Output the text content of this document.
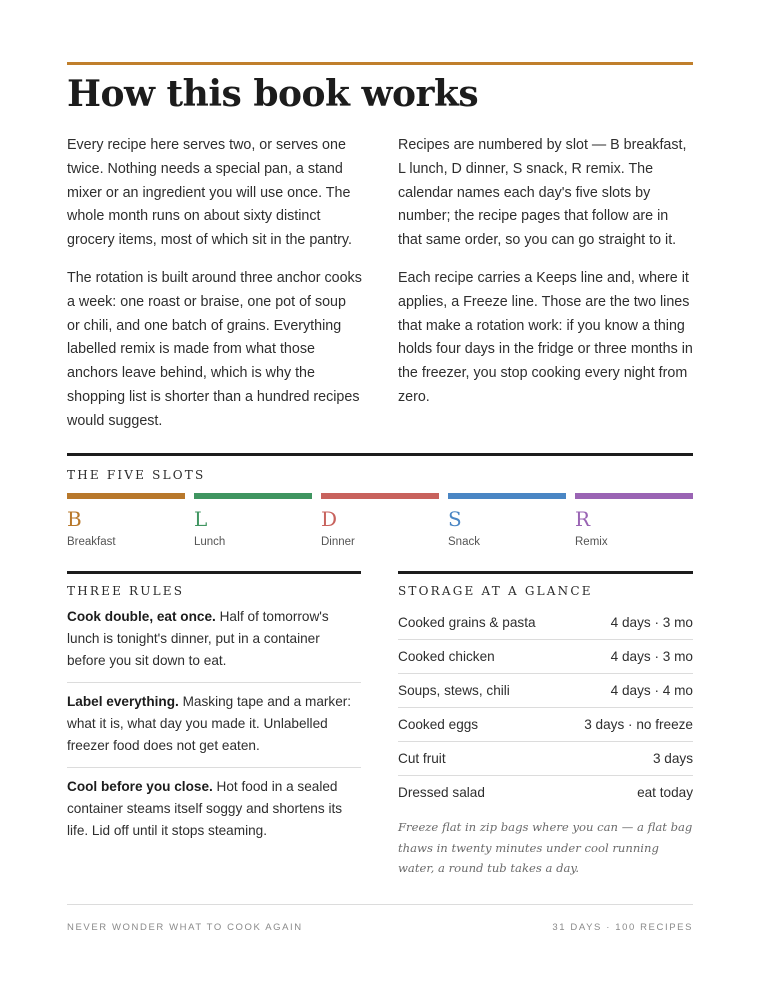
How this book works

Every recipe here serves two, or serves one twice. Nothing needs a special pan, a stand mixer or an ingredient you will use once. The whole month runs on about sixty distinct grocery items, most of which sit in the pantry.

The rotation is built around three anchor cooks a week: one roast or braise, one pot of soup or chili, and one batch of grains. Everything labelled remix is made from what those anchors leave behind, which is why the shopping list is shorter than a hundred recipes would suggest.

Recipes are numbered by slot — B breakfast, L lunch, D dinner, S snack, R remix. The calendar names each day's five slots by number; the recipe pages that follow are in that same order, so you can go straight to it.

Each recipe carries a Keeps line and, where it applies, a Freeze line. Those are the two lines that make a rotation work: if you know a thing holds four days in the fridge or three months in the freezer, you stop cooking every night from zero.

THE FIVE SLOTS
B
Breakfast
L
Lunch
D
Dinner
S
Snack
R
Remix
THREE RULES
Cook double, eat once. Half of tomorrow's lunch is tonight's dinner, put in a container before you sit down to eat.
Label everything. Masking tape and a marker: what it is, what day you made it. Unlabelled freezer food does not get eaten.
Cool before you close. Hot food in a sealed container steams itself soggy and shortens its life. Lid off until it stops steaming.
STORAGE AT A GLANCE
Cooked grains & pasta	4 days · 3 mo
Cooked chicken	4 days · 3 mo
Soups, stews, chili	4 days · 4 mo
Cooked eggs	3 days · no freeze
Cut fruit	3 days
Dressed salad	eat today

Freeze flat in zip bags where you can — a flat bag thaws in twenty minutes under cool running water, a round tub takes a day.

NEVER WONDER WHAT TO COOK AGAIN	31 DAYS · 100 RECIPES
